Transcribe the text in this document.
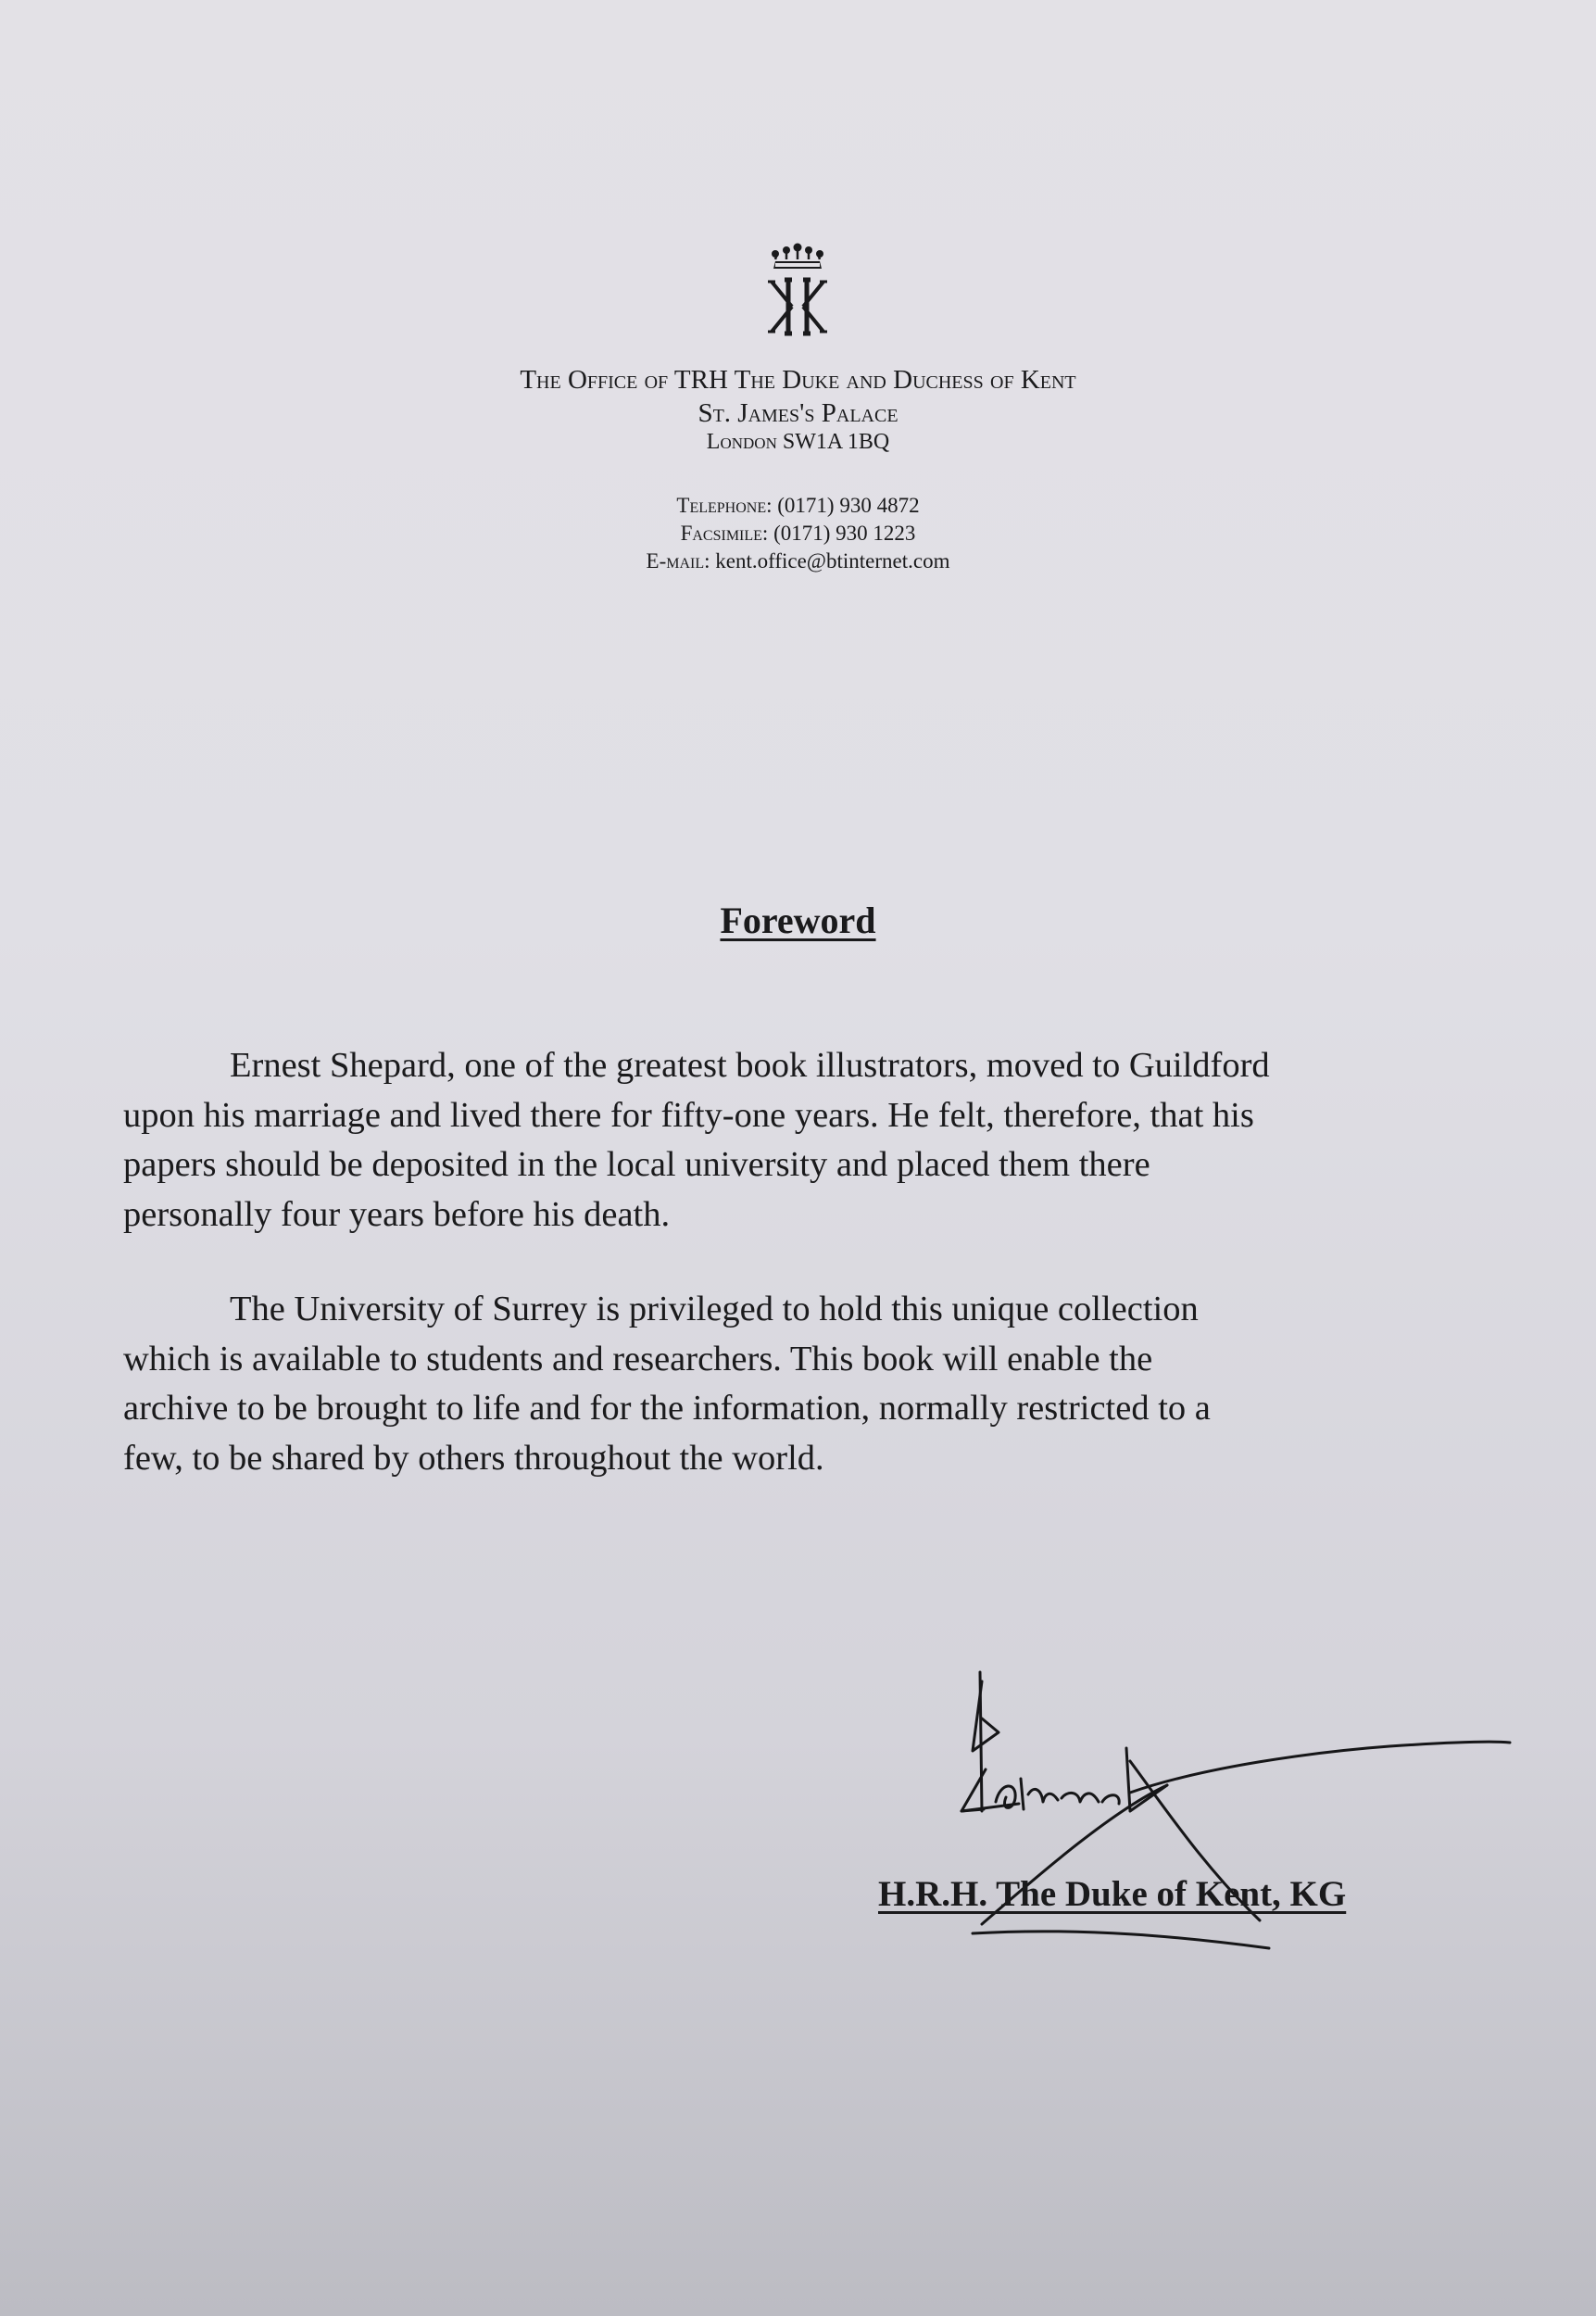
The Office of TRH The Duke and Duchess of Kent
St. James's Palace
London SW1A 1BQ
Telephone: (0171) 930 4872
Facsimile: (0171) 930 1223
E-mail: kent.office@btinternet.com
Foreword

Ernest Shepard, one of the greatest book illustrators, moved to Guildford
upon his marriage and lived there for fifty-one years. He felt, therefore, that his
papers should be deposited in the local university and placed them there
personally four years before his death.

The University of Surrey is privileged to hold this unique collection
which is available to students and researchers. This book will enable the
archive to be brought to life and for the information, normally restricted to a
few, to be shared by others throughout the world.

H.R.H. The Duke of Kent, KG
